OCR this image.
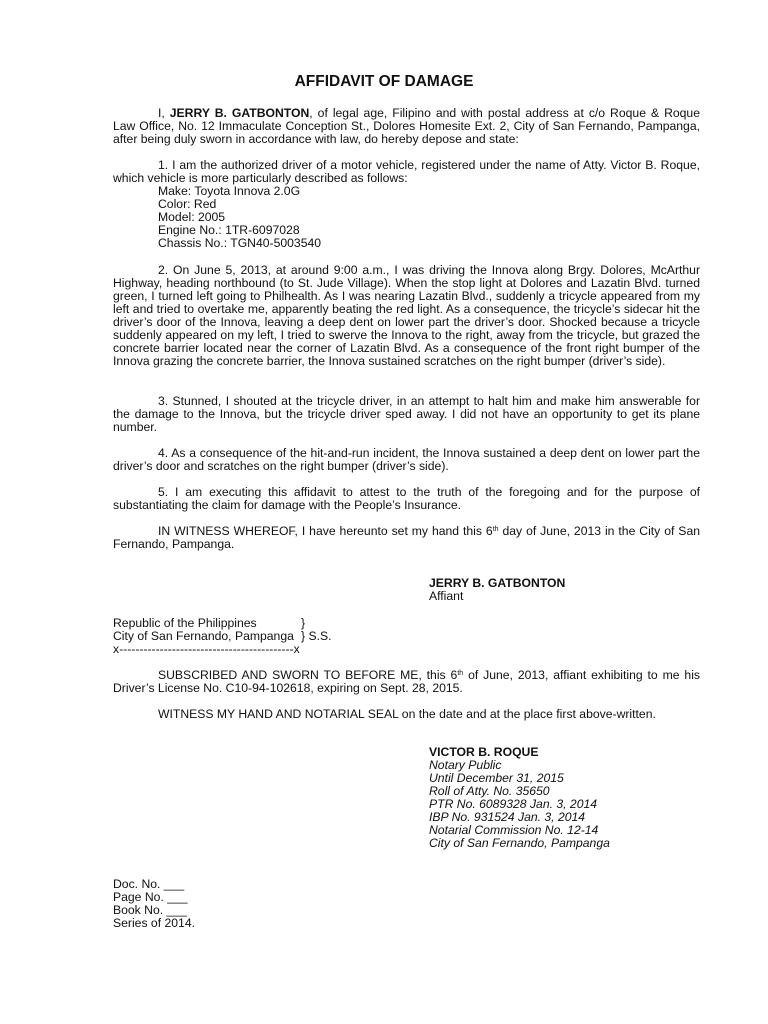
AFFIDAVIT OF DAMAGE
I, JERRY B. GATBONTON, of legal age, Filipino and with postal address at c/o Roque & Roque Law Office, No. 12 Immaculate Conception St., Dolores Homesite Ext. 2, City of San Fernando, Pampanga, after being duly sworn in accordance with law, do hereby depose and state:

1. I am the authorized driver of a motor vehicle, registered under the name of Atty. Victor B. Roque, which vehicle is more particularly described as follows:

Make: Toyota Innova 2.0G
Color: Red
Model: 2005
Engine No.: 1TR-6097028
Chassis No.: TGN40-5003540

2. On June 5, 2013, at around 9:00 a.m., I was driving the Innova along Brgy. Dolores, McArthur Highway, heading northbound (to St. Jude Village). When the stop light at Dolores and Lazatin Blvd. turned green, I turned left going to Philhealth. As I was nearing Lazatin Blvd., suddenly a tricycle appeared from my left and tried to overtake me, apparently beating the red light. As a consequence, the tricycle’s sidecar hit the driver’s door of the Innova, leaving a deep dent on lower part the driver’s door. Shocked because a tricycle suddenly appeared on my left, I tried to swerve the Innova to the right, away from the tricycle, but grazed the concrete barrier located near the corner of Lazatin Blvd. As a consequence of the front right bumper of the Innova grazing the concrete barrier, the Innova sustained scratches on the right bumper (driver’s side).

3. Stunned, I shouted at the tricycle driver, in an attempt to halt him and make him answerable for the damage to the Innova, but the tricycle driver sped away. I did not have an opportunity to get its plane number.

4. As a consequence of the hit-and-run incident, the Innova sustained a deep dent on lower part the driver’s door and scratches on the right bumper (driver’s side).

5. I am executing this affidavit to attest to the truth of the foregoing and for the purpose of substantiating the claim for damage with the People’s Insurance.

IN WITNESS WHEREOF, I have hereunto set my hand this 6th day of June, 2013 in the City of San Fernando, Pampanga.
JERRY B. GATBONTON
Affiant
Republic of the Philippines	}
City of San Fernando, Pampanga } S.S.
x-------------------------------------------x
SUBSCRIBED AND SWORN TO BEFORE ME, this 6th of June, 2013, affiant exhibiting to me his Driver’s License No. C10-94-102618, expiring on Sept. 28, 2015.

WITNESS MY HAND AND NOTARIAL SEAL on the date and at the place first above-written.

VICTOR B. ROQUE
Notary Public
Until December 31, 2015
Roll of Atty. No. 35650
PTR No. 6089328 Jan. 3, 2014
IBP No. 931524 Jan. 3, 2014
Notarial Commission No. 12-14
City of San Fernando, Pampanga
Doc. No. ___
Page No. ___
Book No. ___
Series of 2014.
